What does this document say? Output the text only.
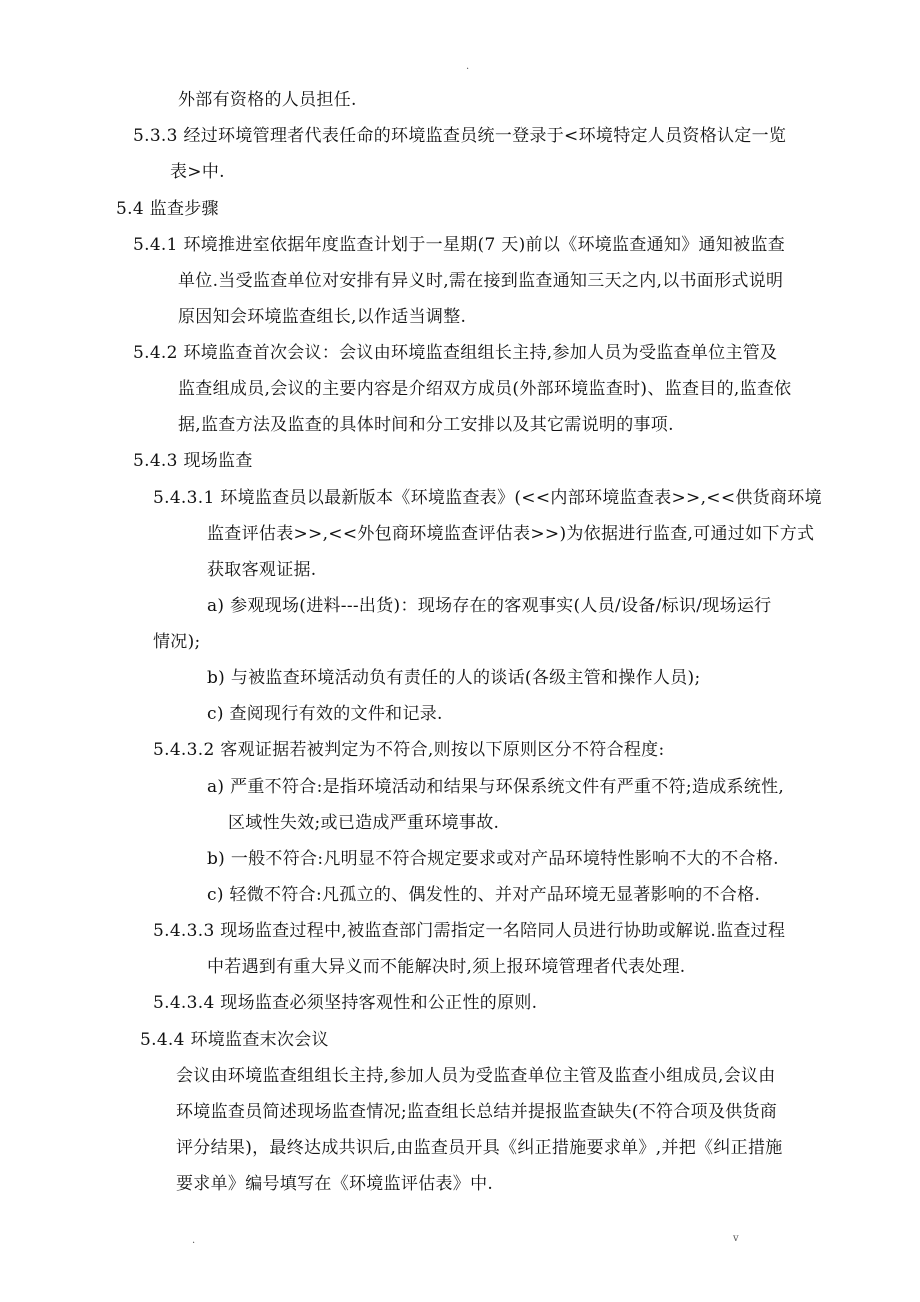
.
外部有资格的人员担任.
5.3.3 经过环境管理者代表任命的环境监查员统一登录于<环境特定人员资格认定一览
表>中.
5.4 监查步骤
5.4.1 环境推进室依据年度监查计划于一星期(7 天)前以《环境监查通知》通知被监查
单位.当受监查单位对安排有异义时,需在接到监查通知三天之内,以书面形式说明
原因知会环境监查组长,以作适当调整.
5.4.2 环境监查首次会议：会议由环境监查组组长主持,参加人员为受监查单位主管及
监查组成员,会议的主要内容是介绍双方成员(外部环境监查时)、监查目的,监查依
据,监查方法及监查的具体时间和分工安排以及其它需说明的事项.
5.4.3 现场监查
5.4.3.1 环境监查员以最新版本《环境监查表》(<<内部环境监查表>>,<<供货商环境
监查评估表>>,<<外包商环境监查评估表>>)为依据进行监查,可通过如下方式
获取客观证据.
a) 参观现场(进料---出货)：现场存在的客观事实(人员/设备/标识/现场运行
情况);
b) 与被监查环境活动负有责任的人的谈话(各级主管和操作人员);
c) 查阅现行有效的文件和记录.
5.4.3.2 客观证据若被判定为不符合,则按以下原则区分不符合程度:
a) 严重不符合:是指环境活动和结果与环保系统文件有严重不符;造成系统性,
区域性失效;或已造成严重环境事故.
b) 一般不符合:凡明显不符合规定要求或对产品环境特性影响不大的不合格.
c) 轻微不符合:凡孤立的、偶发性的、并对产品环境无显著影响的不合格.
5.4.3.3 现场监查过程中,被监查部门需指定一名陪同人员进行协助或解说.监查过程
中若遇到有重大异义而不能解决时,须上报环境管理者代表处理.
5.4.3.4 现场监查必须坚持客观性和公正性的原则.
5.4.4 环境监查末次会议
会议由环境监查组组长主持,参加人员为受监查单位主管及监查小组成员,会议由
环境监查员简述现场监查情况;监查组长总结并提报监查缺失(不符合项及供货商
评分结果)，最终达成共识后,由监查员开具《纠正措施要求单》,并把《纠正措施
要求单》编号填写在《环境监评估表》中.
.	v
